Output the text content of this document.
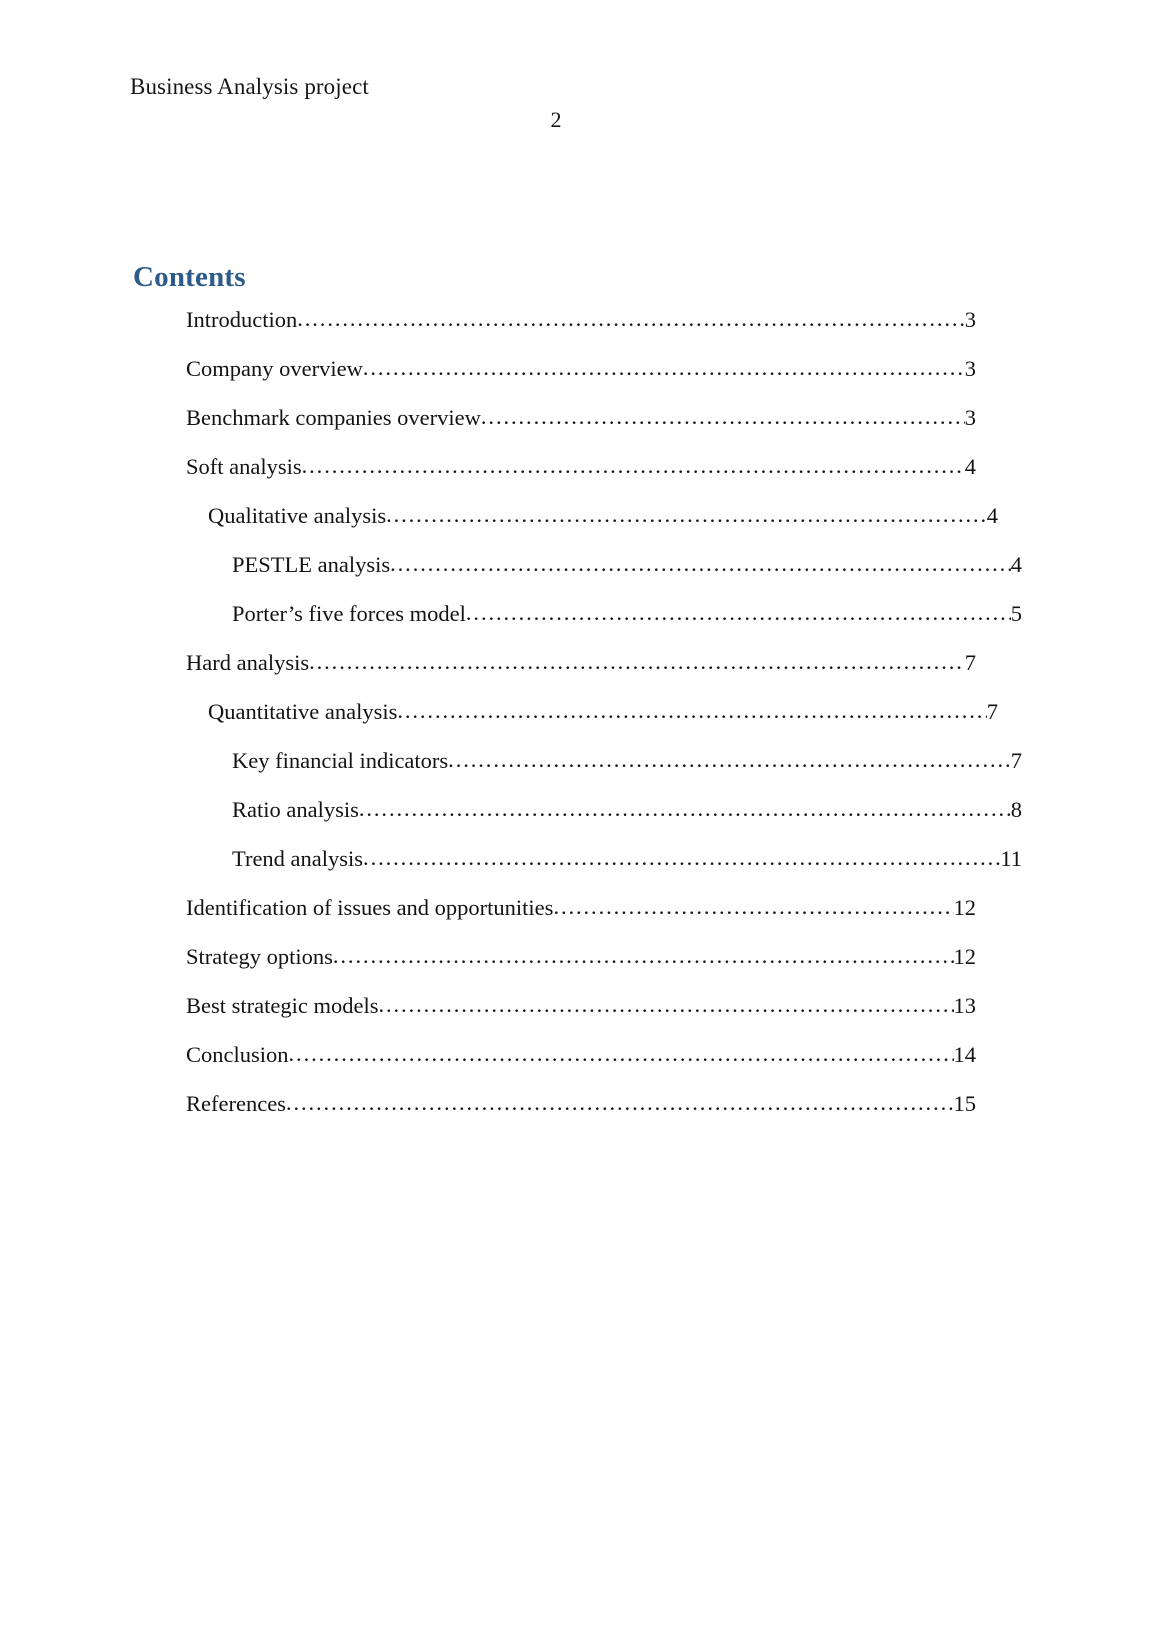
Business Analysis project
2
Contents
Introduction .....	3
Company overview .....	3
Benchmark companies overview .....	3
Soft analysis .....	4
Qualitative analysis .....	4
PESTLE analysis .....	4
Porter’s five forces model .....	5
Hard analysis .....	7
Quantitative analysis .....	7
Key financial indicators .....	7
Ratio analysis .....	8
Trend analysis .....	11
Identification of issues and opportunities .....	12
Strategy options .....	12
Best strategic models .....	13
Conclusion .....	14
References .....	15
